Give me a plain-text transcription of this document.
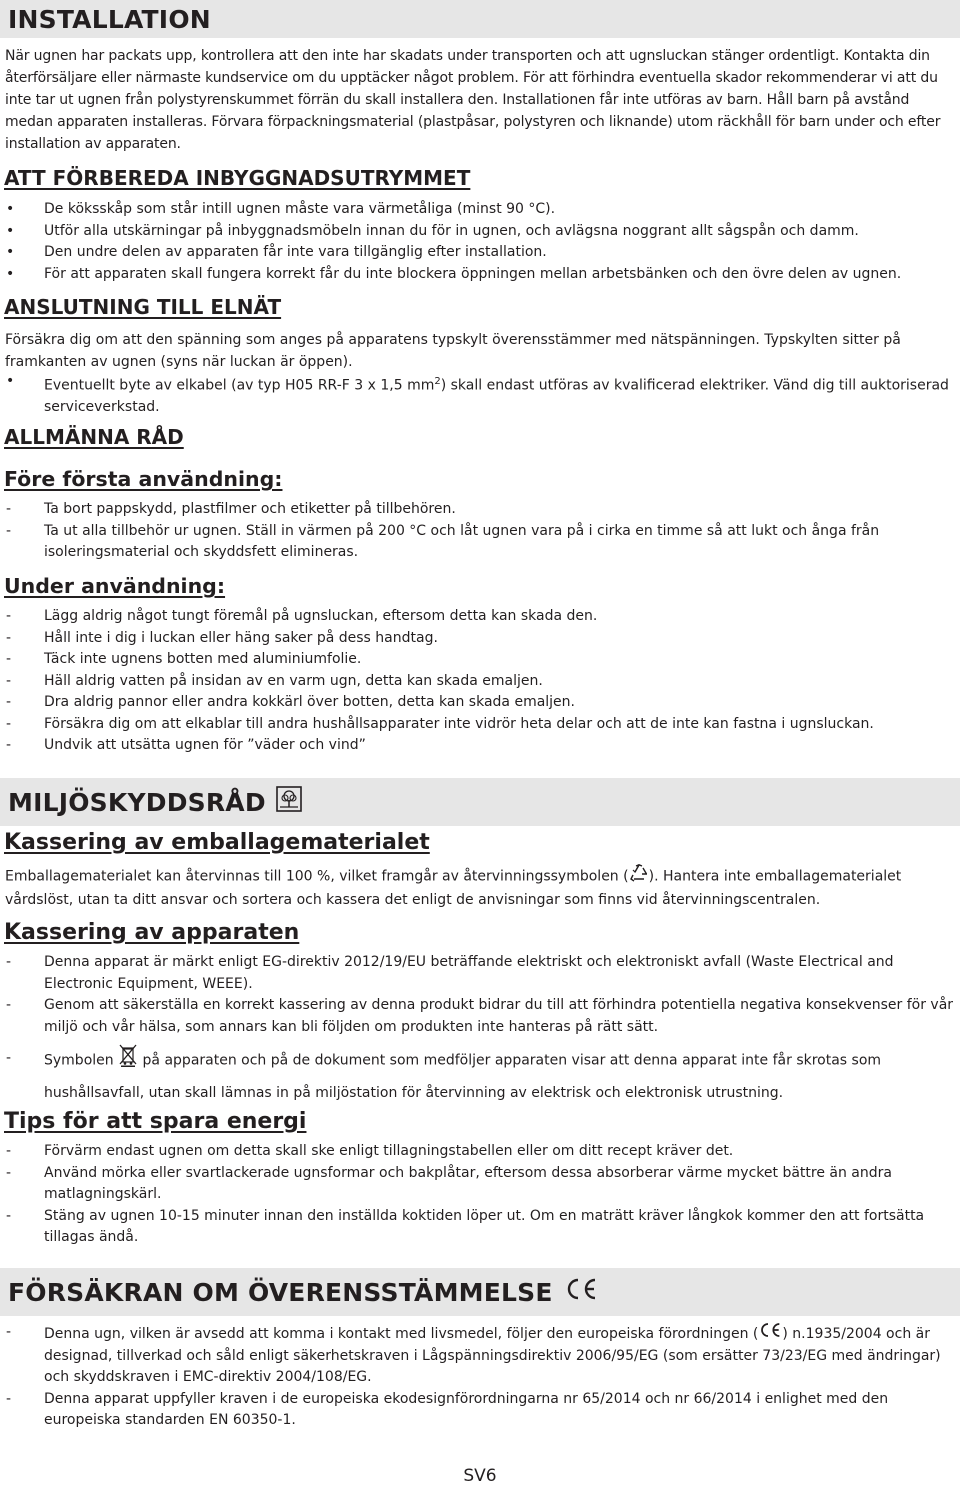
INSTALLATION
När ugnen har packats upp, kontrollera att den inte har skadats under transporten och att ugnsluckan stänger ordentligt. Kontakta din återförsäljare eller närmaste kundservice om du upptäcker något problem. För att förhindra eventuella skador rekommenderar vi att du inte tar ut ugnen från polystyrenskummet förrän du skall installera den. Installationen får inte utföras av barn. Håll barn på avstånd medan apparaten installeras. Förvara förpackningsmaterial (plastpåsar, polystyren och liknande) utom räckhåll för barn under och efter installation av apparaten.
ATT FÖRBEREDA INBYGGNADSUTRYMMET
• De köksskåp som står intill ugnen måste vara värmetåliga (minst 90 °C).
• Utför alla utskärningar på inbyggnadsmöbeln innan du för in ugnen, och avlägsna noggrant allt sågspån och damm.
• Den undre delen av apparaten får inte vara tillgänglig efter installation.
• För att apparaten skall fungera korrekt får du inte blockera öppningen mellan arbetsbänken och den övre delen av ugnen.
ANSLUTNING TILL ELNÄT
Försäkra dig om att den spänning som anges på apparatens typskylt överensstämmer med nätspänningen. Typskylten sitter på framkanten av ugnen (syns när luckan är öppen).
• Eventuellt byte av elkabel (av typ H05 RR-F 3 x 1,5 $mm^2$) skall endast utföras av kvalificerad elektriker. Vänd dig till auktoriserad serviceverkstad.
ALLMÄNNA RÅD
Före första användning:
- Ta bort pappskydd, plastfilmer och etiketter på tillbehören.
- Ta ut alla tillbehör ur ugnen. Ställ in värmen på 200 °C och låt ugnen vara på i cirka en timme så att lukt och ånga från isoleringsmaterial och skyddsfett elimineras.
Under användning:
- Lägg aldrig något tungt föremål på ugnsluckan, eftersom detta kan skada den.
- Håll inte i dig i luckan eller häng saker på dess handtag.
- Täck inte ugnens botten med aluminiumfolie.
- Häll aldrig vatten på insidan av en varm ugn, detta kan skada emaljen.
- Dra aldrig pannor eller andra kokkärl över botten, detta kan skada emaljen.
- Försäkra dig om att elkablar till andra hushållsapparater inte vidrör heta delar och att de inte kan fastna i ugnsluckan.
- Undvik att utsätta ugnen för ”väder och vind”
MILJÖSKYDDSRÅD
Kassering av emballagematerialet
Emballagematerialet kan återvinnas till 100 %, vilket framgår av återvinningssymbolen ( ). Hantera inte emballagematerialet vårdslöst, utan ta ditt ansvar och sortera och kassera det enligt de anvisningar som finns vid återvinningscentralen.
Kassering av apparaten
- Denna apparat är märkt enligt EG-direktiv 2012/19/EU beträffande elektriskt och elektroniskt avfall (Waste Electrical and Electronic Equipment, WEEE).
- Genom att säkerställa en korrekt kassering av denna produkt bidrar du till att förhindra potentiella negativa konsekvenser för vår miljö och vår hälsa, som annars kan bli följden om produkten inte hanteras på rätt sätt.
- Symbolen på apparaten och på de dokument som medföljer apparaten visar att denna apparat inte får skrotas som
hushållsavfall, utan skall lämnas in på miljöstation för återvinning av elektrisk och elektronisk utrustning.
Tips för att spara energi
- Förvärm endast ugnen om detta skall ske enligt tillagningstabellen eller om ditt recept kräver det.
- Använd mörka eller svartlackerade ugnsformar och bakplåtar, eftersom dessa absorberar värme mycket bättre än andra matlagningskärl.
- Stäng av ugnen 10-15 minuter innan den inställda koktiden löper ut. Om en maträtt kräver långkok kommer den att fortsätta tillagas ändå.
FÖRSÄKRAN OM ÖVERENSSTÄMMELSE
- Denna ugn, vilken är avsedd att komma i kontakt med livsmedel, följer den europeiska förordningen ( ) n.1935/2004 och är designad, tillverkad och såld enligt säkerhetskraven i Lågspänningsdirektiv 2006/95/EG (som ersätter 73/23/EG med ändringar) och skyddskraven i EMC-direktiv 2004/108/EG.
- Denna apparat uppfyller kraven i de europeiska ekodesignförordningarna nr 65/2014 och nr 66/2014 i enlighet med den europeiska standarden EN 60350-1.
SV6
